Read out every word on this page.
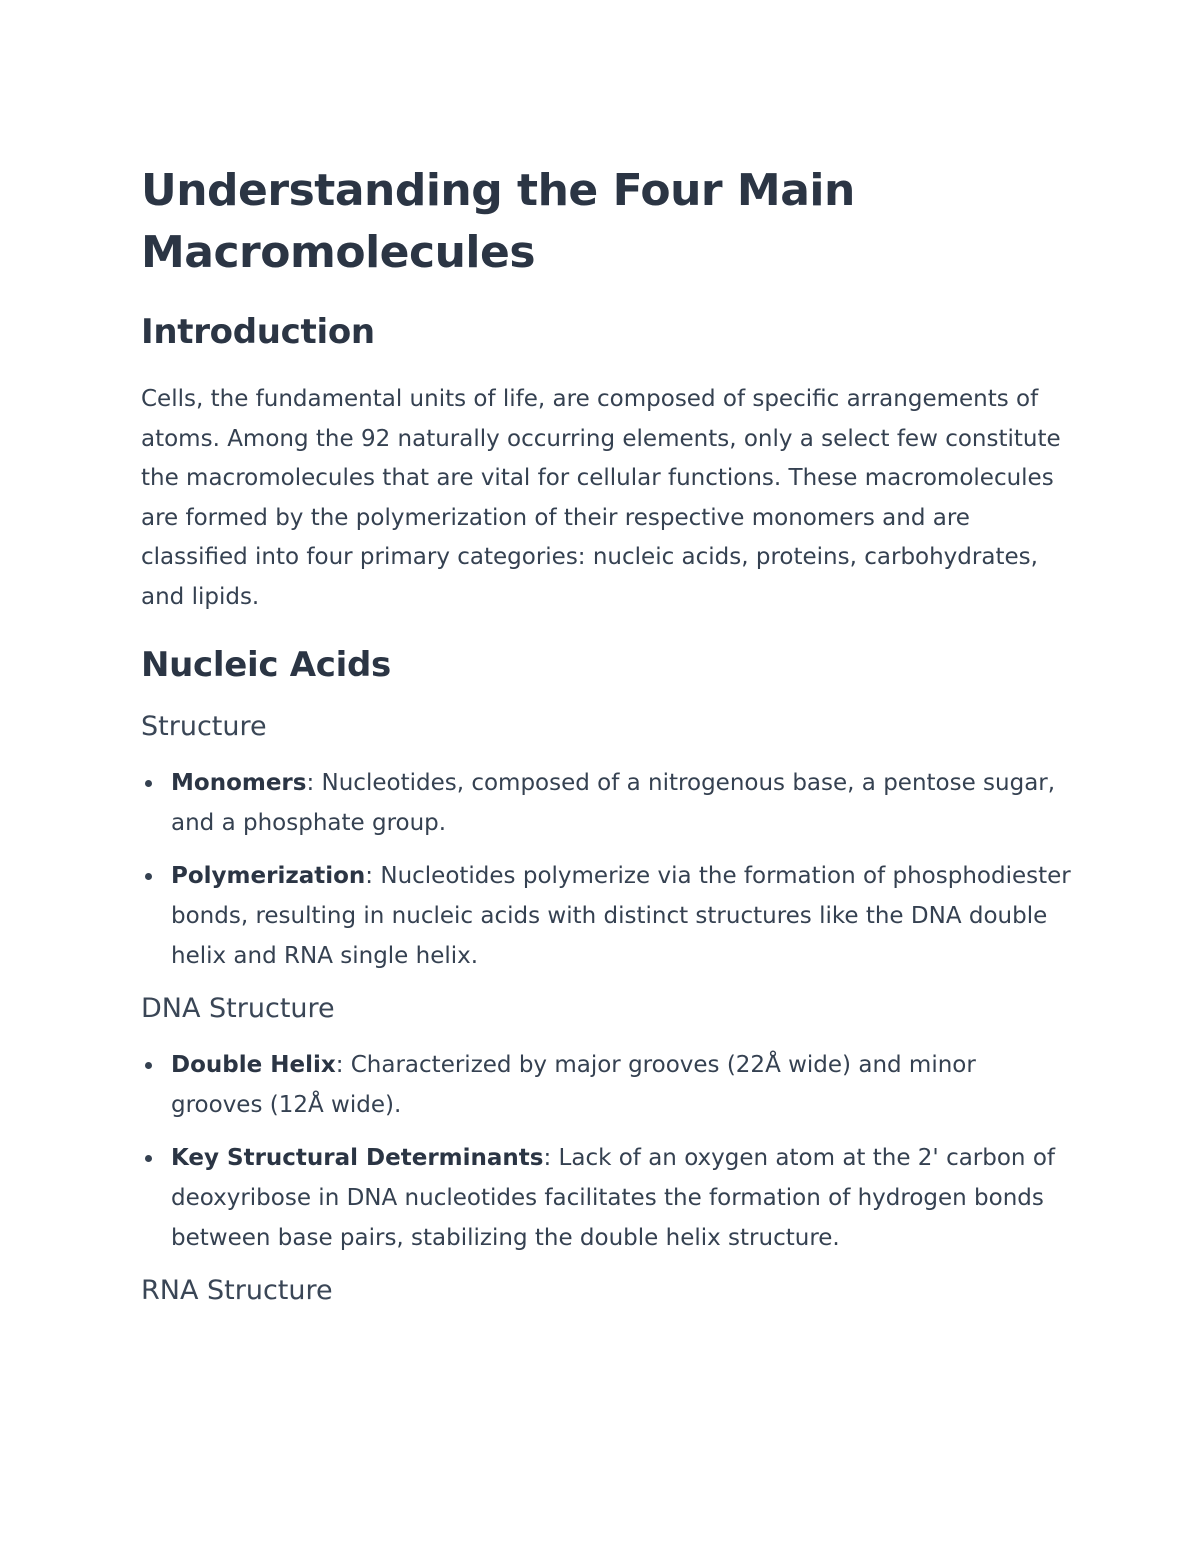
Understanding the Four Main Macromolecules
Introduction

Cells, the fundamental units of life, are composed of specific arrangements of atoms. Among the 92 naturally occurring elements, only a select few constitute the macromolecules that are vital for cellular functions. These macromolecules are formed by the polymerization of their respective monomers and are classified into four primary categories: nucleic acids, proteins, carbohydrates, and lipids.

Nucleic Acids
Structure
Monomers: Nucleotides, composed of a nitrogenous base, a pentose sugar, and a phosphate group.
Polymerization: Nucleotides polymerize via the formation of phosphodiester bonds, resulting in nucleic acids with distinct structures like the DNA double helix and RNA single helix.
DNA Structure
Double Helix: Characterized by major grooves (22Å wide) and minor grooves (12Å wide).
Key Structural Determinants: Lack of an oxygen atom at the 2' carbon of deoxyribose in DNA nucleotides facilitates the formation of hydrogen bonds between base pairs, stabilizing the double helix structure.
RNA Structure
